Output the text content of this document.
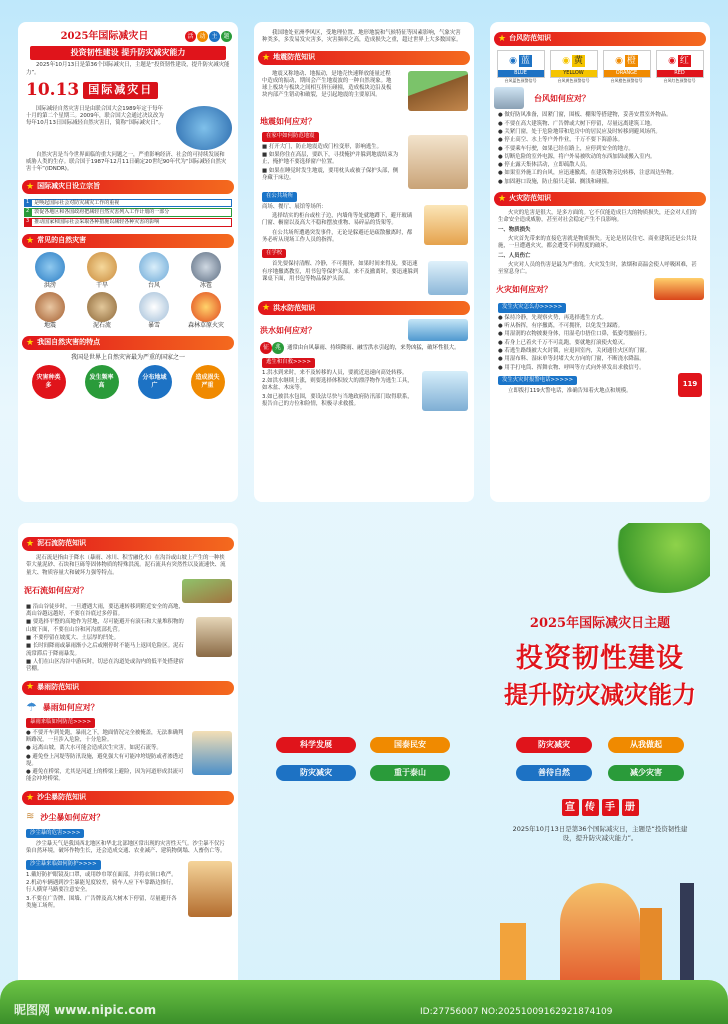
2025年国际减灾日	活 动 主 题
投资韧性建设 提升防灾减灾能力
2025年10月13日是第36个国际减灾日，主题是“投资韧性建设，提升防灾减灾能力”。
10.13 国际减灾日
国际减轻自然灾害日是由联合国大会1989年定于每年十月的第二个星期三。2009年，联合国大会通过决议改为每年10月13日国际减轻自然灾害日，简称“国际减灾日”。
自然灾害是当今世界面临的重大问题之一，严重影响经济、社会的可持续发展和威胁人类的生存。联合国于1987年12月11日确定20世纪90年代为“国际减轻自然灾害十年”(IDNDR)。
★ 国际减灾日设立宗旨
1	是唤起国际社会对防灾减灾工作的重视
2	敦促各地区和各国政府把减轻自然灾害列入工作计划的一部分
3	推动国家和国际社会采取各种措施以减轻各种灾害的影响
★ 常见的自然灾害
洪涝	干旱	台风	冰雹
地震	泥石流	暴雪	森林草原火灾
★ 我国自然灾害的特点
我国是世界上自然灾害最为严重的国家之一
灾害种类多
发生频率高
分布地域广
造成损失严重
我国地处亚洲季风区，受地理位置、地形地貌和气候特征等因素影响，气象灾害种类多，多发易发灾害多，灾害频率之高，造成损失之重，超过世界上大多数国家。
★ 地震防范知识
地震又称地动、地振动，是地壳快速释放能量过程中造成的振动，期间会产生地震波的一种自然现象。地球上板块与板块之间相互挤压碰撞，造成板块边沿及板块内部产生错动和破裂，是引起地震的主要原因。
地震如何应对？
在家中如何防范地震
■ 打开大门，防止地震造成门柱变形，影响逃生。
■ 如果你住在高层，要趴下，寻找掩护并躲到地震结束为止，掩护地不要选择窗户位置。
■ 如果在睡觉时发生地震，要用枕头或被子保护头部，侧身藏于床边。
在公共场所
商场、餐厅、展馆等场所：
选择结实的柜台或柱子边，内墙角等处就地蹲下，避开玻璃门窗、橱窗以及高大不稳和摆放重物、易碎品的货架等。
在公共场所遭遇突发事件，无论是躲避还是疏散撤离时，都务必听从现场工作人员的指挥。
在学校
首先要保持清醒、冷静，不可拥挤，如果时间来得及，要迅速有序地撤离教室，用书包等保护头部。来不及撤离时，要迅速躲到课桌下面，用书包等物品保护头部。
★ 洪水防范知识
洪水如何应对？
征 兆	通常由台风暴雨、持续降雨、融雪洪水引起的，来势凶猛，破坏性很大。
逃生和自救>>>>
1.洪水到来时，来不及转移的人员，要就近迅速向高处转移。
2.如洪水继续上涨，则要选择体积较大的漂浮物作为逃生工具，如木盆、木床等。
3.如已被洪水包围，要设法尽快与当地政府防汛部门取得联系，报告自己的方位和险情，积极寻求救援。
★ 台风防范知识
◉ 蓝
BLUE
台风蓝色预警信号
◉ 黄
YELLOW
台风黄色预警信号
◉ 橙
ORANGE
台风橙色预警信号
◉ 红
RED
台风红色预警信号
台风如何应对？
● 做好防风准备，固紧门窗，围板、棚架等搭建物，妥善安置室外物品。
● 不要在高大建筑物、广告牌或大树下停留，尽量远离建筑工地。
● 关紧门窗，处于危险地带和危房中的居民应及时转移到避风场所。
● 停止高空、水上等户外作业，千万不要下海游泳。
● 不要乘车行驶，如果已经在路上，应停到安全的地方。
● 切断危险的室外电源，将户外易被吹动的东西加固或搬入室内。
● 停止露天集体活动，立即疏散人员。
● 如果室外施工的台风，应迅速撤离，在建筑物旁边转移，注意周边坠物。
● 加固港口设施，防止船只走锚、搁浅和碰撞。
★ 火灾防范知识
火灾的危害是很大，是多方面的。它不仅能造成巨大的物质损失，还会对人们的生命安全造成威胁，甚至对社会稳定产生不良影响。
一、物质损失
火灾首先带来的直接危害就是物质损失。无论是居民住宅、商业建筑还是公共设施，一旦遭遇火灾，都会遭受不同程度的破坏。
二、人员伤亡
火灾对人员的伤害是最为严重的。火灾发生时，浓烟和高温会使人呼吸困难，甚至窒息身亡。
火灾如何应对？
发生火灾怎么办>>>>>
● 保持冷静，先观察火势，再选择逃生方式。
● 听从指挥，有序撤离，不可拥挤，以免发生踩踏。
● 用湿润的衣物披裹身体，用湿毛巾捂住口鼻，低姿弯腰前行。
● 若身上已着火千万不可乱跑，要就地打滚使火熄灭。
● 若逃生路线被大火封锁，应退回室内，关闭通往火区的门窗。
● 用湿布料、湿床单等封堵大火方向的门窗，不断浇水降温。
● 用手打电筒、挥舞衣物、呼叫等方式向外界发出求救信号。
发生火灾时报警电话>>>>>
立即拨打119火警电话，准确告知着火地点和规模。
119
★ 泥石流防范知识
泥石流是指由于降水（暴雨、冰川、积雪融化水）在沟谷或山坡上产生的一种挟带大量泥砂、石块和巨砾等固体物质的特殊洪流。泥石流具有突然性以及流速快、流量大、物质容量大和破坏力强等特点。
泥石流如何应对？
■ 沿山谷徒步时，一旦遭遇大雨，要迅速转移到附近安全的高地，离山谷越远越好，不要在谷底过多停留。
■ 要选择平整的高地作为营地，尽可能避开有滚石和大量堆积物的山坡下面，不要在山谷和河沟底部扎营。
■ 不要停留在坡度大、土层厚的凹处。
■ 长时间降雨或暴雨渐小之后或刚停时不能马上返回危险区。泥石流常滞后于降雨暴发。
■ 人们在山区沟谷中游玩时，切忌在沟道处或沟内的低平处搭建宿营棚。
★ 暴雨防范知识
☂ 暴雨如何应对？
暴雨来临如何防范>>>>
● 不要开车到处跑，暴雨之下，地面情况完全被掩盖，无法准确判断路况，一旦涉入危险，十分危险。
● 远离山坡，离大水可能会造成次生灾害，如泥石流等。
● 避免登上河堤等防汛设施，避免强大有可能冲垮堤防或者渗透过堤。
● 避免在桥梁，尤其是河道上的桥梁上避险，因为河道形成洪流可能会冲垮桥梁。
★ 沙尘暴防范知识
≋ 沙尘暴如何应对？
沙尘暴的危害>>>>
沙尘暴天气是我国西北地区和华北北部地区常出现的灾害性天气。沙尘暴不仅污染自然环境，破坏作物生长，还会造成交通、农业减产、建筑物倒塌、人畜伤亡等。
沙尘暴来临如何防护>>>>
1.戴好防护眼镜及口罩，或用纱巾罩在面部，并将衣领口收严。
2.机动车辆遇到沙尘暴能见度较差，骑车人应下车靠路边推行，行人横穿马路要注意安全。
3.不要在广告牌、围墙、广告牌及高大树木下停留，尽量避开各类施工场所。
科学发展	国泰民安
防灾减灾	重于泰山
2025年国际减灾日主题
投资韧性建设
提升防灾减灾能力
防灾减灾	从我做起
善待自然	减少灾害
宣	传	手	册
2025年10月13日是第36个国际减灾日，主题是“投资韧性建设，提升防灾减灾能力”。
昵图网 www.nipic.com	ID:27756007 NO:20251009162921874109
